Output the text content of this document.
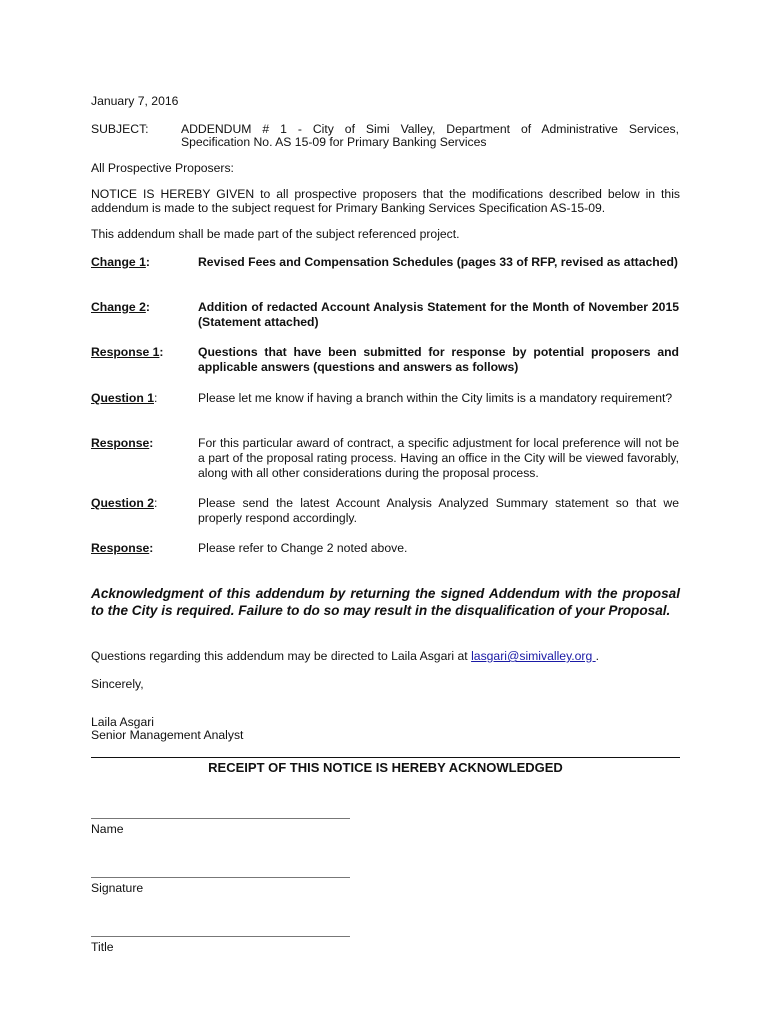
January 7, 2016
SUBJECT:	ADDENDUM # 1 - City of Simi Valley, Department of Administrative Services,
Specification No. AS 15-09 for Primary Banking Services
All Prospective Proposers:
NOTICE IS HEREBY GIVEN to all prospective proposers that the modifications described below in this addendum is made to the subject request for Primary Banking Services Specification AS-15-09.
This addendum shall be made part of the subject referenced project.
Change 1:	Revised Fees and Compensation Schedules (pages 33 of RFP, revised as attached)
Change 2:	Addition of redacted Account Analysis Statement for the Month of November 2015 (Statement attached)
Response 1:	Questions that have been submitted for response by potential proposers and applicable answers (questions and answers as follows)
Question 1:	Please let me know if having a branch within the City limits is a mandatory requirement?
Response:	For this particular award of contract, a specific adjustment for local preference will not be a part of the proposal rating process. Having an office in the City will be viewed favorably, along with all other considerations during the proposal process.
Question 2:	Please send the latest Account Analysis Analyzed Summary statement so that we properly respond accordingly.
Response:	Please refer to Change 2 noted above.
Acknowledgment of this addendum by returning the signed Addendum with the proposal to the City is required. Failure to do so may result in the disqualification of your Proposal.
Questions regarding this addendum may be directed to Laila Asgari at lasgari@simivalley.org .
Sincerely,
Laila Asgari
Senior Management Analyst
RECEIPT OF THIS NOTICE IS HEREBY ACKNOWLEDGED
Name
Signature
Title
